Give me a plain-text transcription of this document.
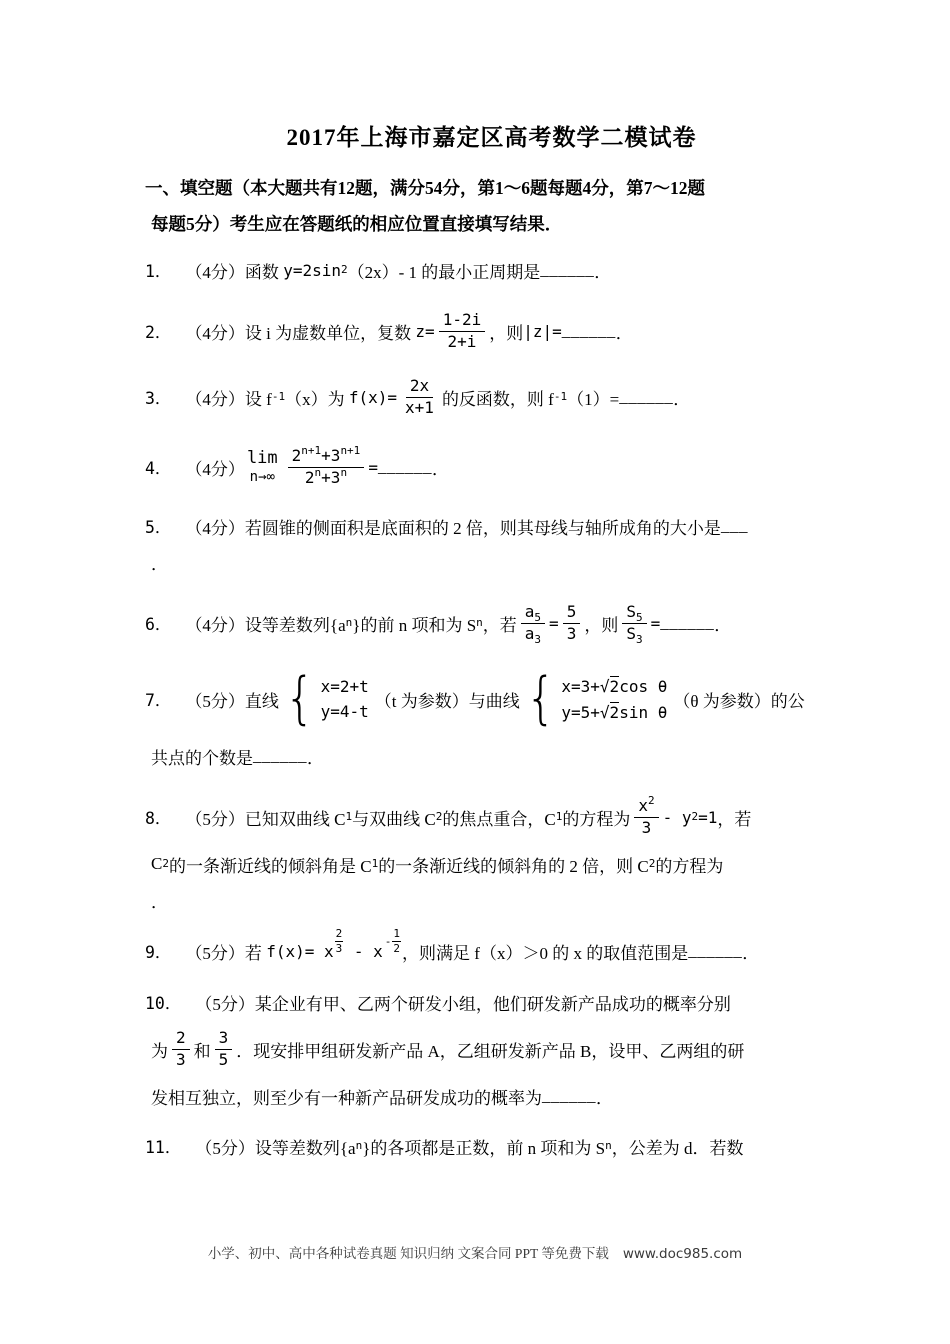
2017年上海市嘉定区高考数学二模试卷
一、填空题（本大题共有12题，满分54分，第1～6题每题4分，第7～12题
每题5分）考生应在答题纸的相应位置直接填写结果．
1． （4分）函数 y=2sin 2 （2x）- 1 的最小正周期是 ______ ．
2． （4分）设 i 为虚数单位，复数 $z= \frac{1-2i}{2+i}$ ，则 |z|= ______ ．
3． （4分）设 f -1 （x）为 $f(x)= \frac{2x}{x+1}$ 的反函数，则 f -1 （1）= ______ ．
4． （4分）
lim
$n\to\infty \frac{2^{n+1}+3^{n+1}}{2^n+3^n}$ = ______ ．
5． （4分）若圆锥的侧面积是底面积的 2 倍，则其母线与轴所成角的大小是 ___
．
6． （4分）设等差数列{a n }的前 n 项和为 S n ，若 $\frac{a_5}{a_3} = \frac{5}{3}$ ，则 $\frac{S_5}{S_3}$ = ______ ．
7． （5分）直线 { x=2+t
y=4-t
（t 为参数）与曲线 { x=3+ √ 2 cos θ
y=5+ √ 2 sin θ
（θ 为参数）的公
共点的个数是 ______ ．
8． （5分）已知双曲线 C 1 与双曲线 C 2 的焦点重合，C 1 的方程为 $\frac{x^2}{3}$ - y 2 =1 ，若
C 2 的一条渐近线的倾斜角是 C 1 的一条渐近线的倾斜角的 2 倍，则 C 2 的方程为
．
9． （5分）若 f(x)= x $\frac{2}{3}$ - x
- $\frac{1}{2}$ ，则满足 f（x）＞0 的 x 的取值范围是 ______ ．
10． （5分）某企业有甲、乙两个研发小组，他们研发新产品成功的概率分别
为 $\frac{2}{3}$ 和 $\frac{3}{5}$ ．现安排甲组研发新产品 A，乙组研发新产品 B，设甲、乙两组的研
发相互独立，则至少有一种新产品研发成功的概率为 ______ ．
11． （5分）设等差数列{a n }的各项都是正数，前 n 项和为 S n ，公差为 d．若数
小学、初中、高中各种试卷真题 知识归纳 文案合同 PPT 等免费下载 www.doc985.com
